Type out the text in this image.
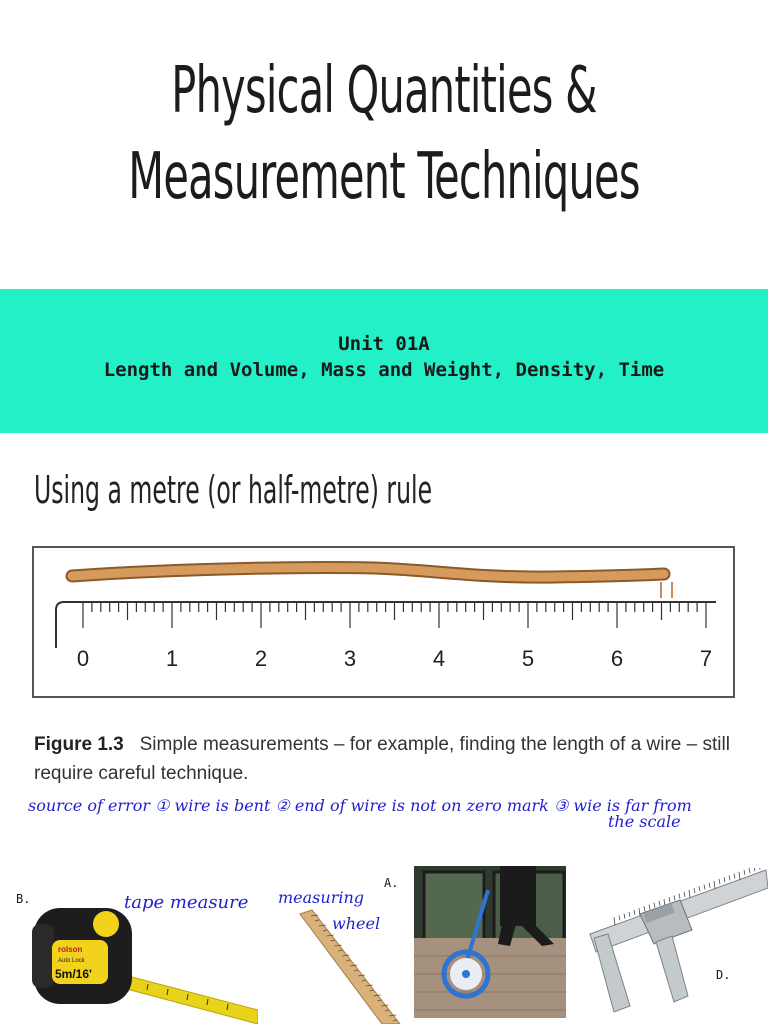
Physical Quantities &
Measurement Techniques
Unit 01A
Length and Volume, Mass and Weight, Density, Time
Using a metre (or half-metre) rule
0	1	2	3	4	5	6	7
Figure 1.3 Simple measurements – for example, finding the length of a wire – still require careful technique.
source of error ① wire is bent ② end of wire is not on zero mark ③ wie is far from
the scale
B.
A.
D.
tape measure measuring
wheel
rolson
Auto Lock
5m/16'
